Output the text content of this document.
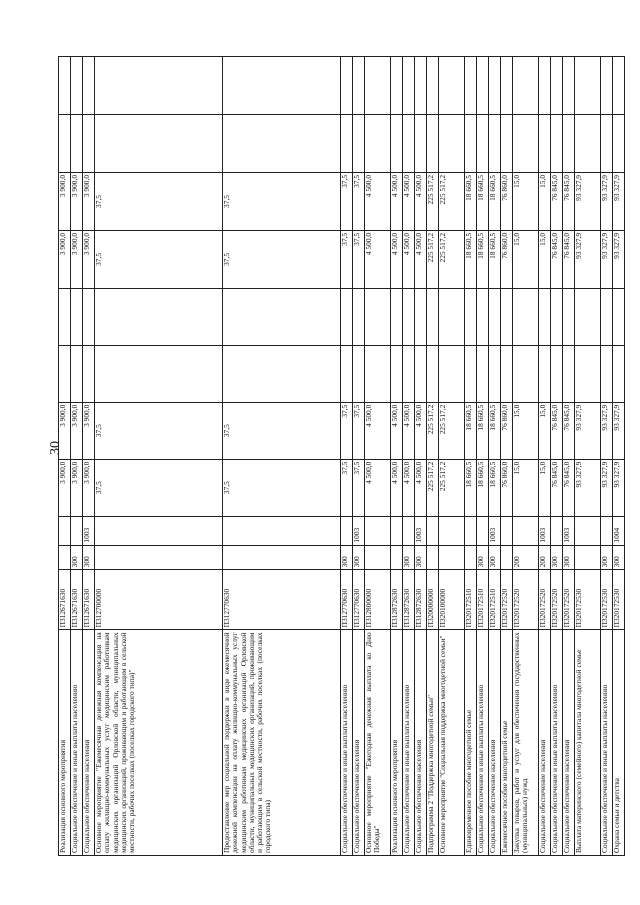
30
Реализация основного мероприятия	П312671630			3 900,0	3 900,0			3 900,0	3 900,0		
Социальное обеспечение и иные выплаты населению	П312671630	300		3 900,0	3 900,0			3 900,0	3 900,0		
Социальное обеспечение населения	П312671630	300	1003	3 900,0	3 900,0			3 900,0	3 900,0		
Основное мероприятие "Ежемесячная денежная компенсация на оплату жилищно-коммунальных услуг медицинским работникам медицинских организаций Орловской области, муниципальных медицинских организаций, проживающим и работающим в сельской местности, рабочих поселках (поселках городского типа)"	П312700000			37,5	37,5			37,5	37,5		
Предоставление мер социальной поддержки в виде ежемесячной денежной компенсации на оплату жилищно-коммунальных услуг медицинским работникам медицинских организаций Орловской области, муниципальных медицинских организаций, проживающим и работающим в сельской местности, рабочих поселках (поселках городского типа)	П312770630			37,5	37,5			37,5	37,5		
Социальное обеспечение и иные выплаты населению	П312770630	300		37,5	37,5			37,5	37,5		
Социальное обеспечение населения	П312770630	300	1003	37,5	37,5			37,5	37,5		
Основное мероприятие "Ежегодная денежная выплата ко Дню Победы"	П312800000			4 500,0	4 500,0			4 500,0	4 500,0		
Реализация основного мероприятия	П312872630			4 500,0	4 500,0			4 500,0	4 500,0		
Социальное обеспечение и иные выплаты населению	П312872630	300		4 500,0	4 500,0			4 500,0	4 500,0		
Социальное обеспечение населения	П312872630	300	1003	4 500,0	4 500,0			4 500,0	4 500,0		
Подпрограмма 2 "Поддержка многодетной семьи"	П320000000			225 517,2	225 517,2			225 517,2	225 517,2		
Основное мероприятие "Социальная поддержка многодетной семьи"	П320100000			225 517,2	225 517,2			225 517,2	225 517,2		
Единовременное пособие многодетной семье	П320172510			18 660,5	18 660,5			18 660,5	18 660,5		
Социальное обеспечение и иные выплаты населению	П320172510	300		18 660,5	18 660,5			18 660,5	18 660,5		
Социальное обеспечение населения	П320172510	300	1003	18 660,5	18 660,5			18 660,5	18 660,5		
Ежемесячное пособие многодетной семье	П320172520			76 860,0	76 860,0			76 860,0	76 860,0		
Закупка товаров, работ и услуг для обеспечения государственных (муниципальных) нужд	П320172520	200		15,0	15,0			15,0	15,0		
Социальное обеспечение населения	П320172520	200	1003	15,0	15,0			15,0	15,0		
Социальное обеспечение и иные выплаты населению	П320172520	300		76 845,0	76 845,0			76 845,0	76 845,0		
Социальное обеспечение населения	П320172520	300	1003	76 845,0	76 845,0			76 845,0	76 845,0		
Выплата материнского (семейного) капитала многодетной семье	П320172530			93 327,9	93 327,9			93 327,9	93 327,9		
Социальное обеспечение и иные выплаты населению	П320172530	300		93 327,9	93 327,9			93 327,9	93 327,9		
Охрана семьи и детства	П320172530	300	1004	93 327,9	93 327,9			93 327,9	93 327,9		
